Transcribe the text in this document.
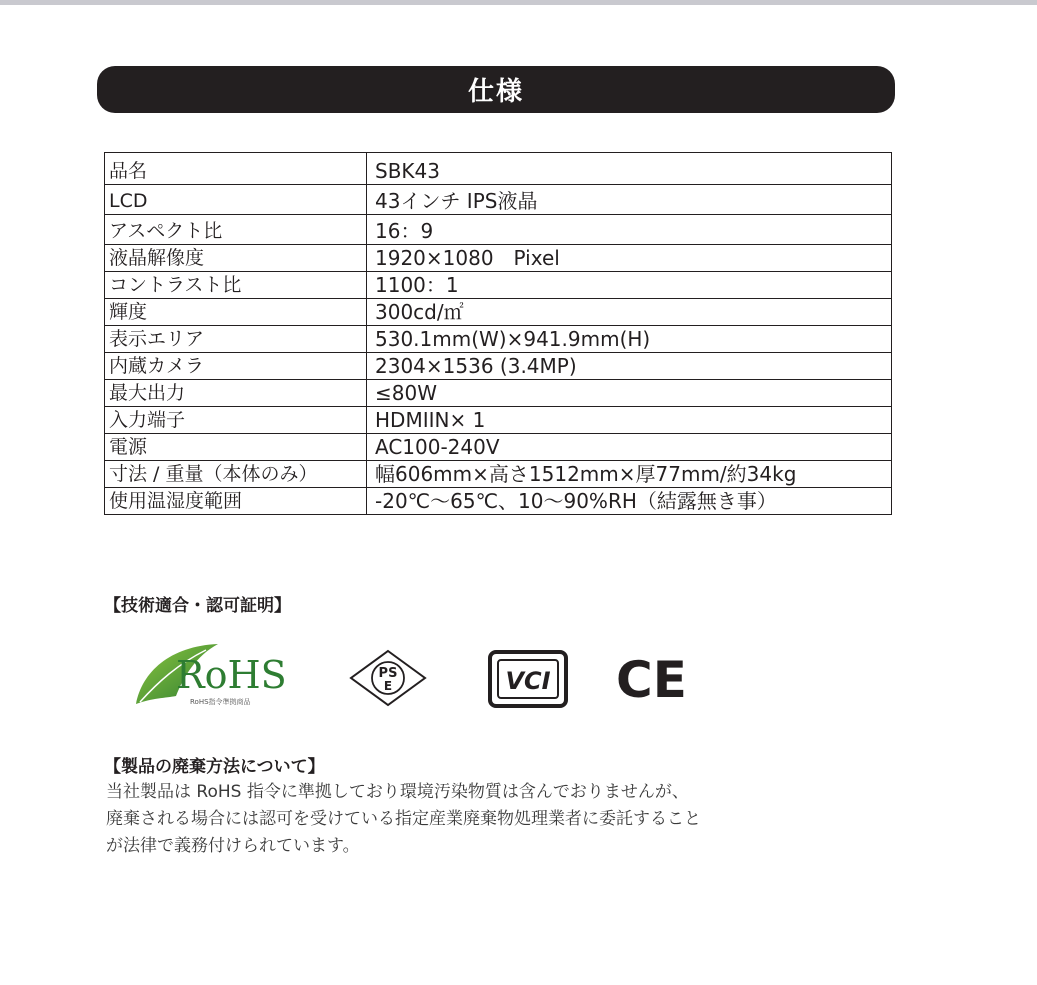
仕様
品名	SBK43
LCD	43インチ IPS液晶
アスペクト比	16：9
液晶解像度	1920×1080　Pixel
コントラスト比	1100：1
輝度	300cd/㎡
表示エリア	530.1mm(W)×941.9mm(H)
内蔵カメラ	2304×1536 (3.4MP)
最大出力	≤80W
入力端子	HDMIIN× 1
電源	AC100-240V
寸法 / 重量（本体のみ）	幅606mm×高さ1512mm×厚77mm/約34kg
使用温湿度範囲	-20℃〜65℃、10〜90%RH（結露無き事）
【技術適合・認可証明】
RoHS
RoHS指令準拠商品
PS
E	VCI CE
【製品の廃棄方法について】
当社製品は RoHS 指令に準拠しており環境汚染物質は含んでおりませんが、
廃棄される場合には認可を受けている指定産業廃棄物処理業者に委託すること
が法律で義務付けられています。
